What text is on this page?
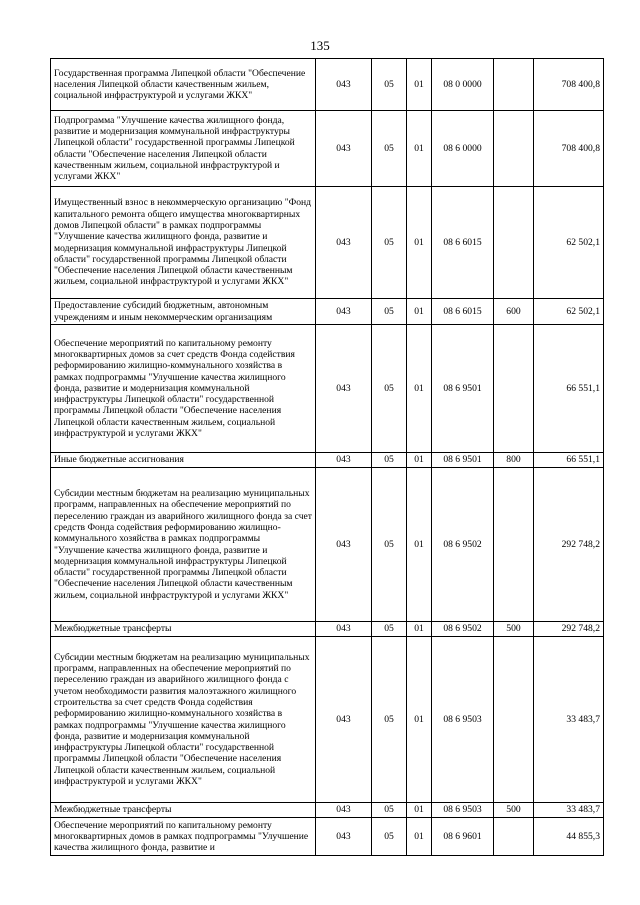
135
Государственная программа Липецкой области "Обеспечение населения Липецкой области качественным жильем, социальной инфраструктурой и услугами ЖКХ"	043	05	01	08 0 0000		708 400,8
Подпрограмма "Улучшение качества жилищного фонда, развитие и модернизация коммунальной инфраструктуры Липецкой области" государственной программы Липецкой области "Обеспечение населения Липецкой области качественным жильем, социальной инфраструктурой и услугами ЖКХ"	043	05	01	08 6 0000		708 400,8
Имущественный взнос в некоммерческую организацию "Фонд капитального ремонта общего имущества многоквартирных домов Липецкой области" в рамках подпрограммы "Улучшение качества жилищного фонда, развитие и модернизация коммунальной инфраструктуры Липецкой области" государственной программы Липецкой области "Обеспечение населения Липецкой области качественным жильем, социальной инфраструктурой и услугами ЖКХ"	043	05	01	08 6 6015		62 502,1
Предоставление субсидий бюджетным, автономным учреждениям и иным некоммерческим организациям	043	05	01	08 6 6015	600	62 502,1
Обеспечение мероприятий по капитальному ремонту многоквартирных домов за счет средств Фонда содействия реформированию жилищно-коммунального хозяйства в рамках подпрограммы "Улучшение качества жилищного фонда, развитие и модернизация коммунальной инфраструктуры Липецкой области" государственной программы Липецкой области "Обеспечение населения Липецкой области качественным жильем, социальной инфраструктурой и услугами ЖКХ"	043	05	01	08 6 9501		66 551,1
Иные бюджетные ассигнования	043	05	01	08 6 9501	800	66 551,1
Субсидии местным бюджетам на реализацию муниципальных программ, направленных на обеспечение мероприятий по переселению граждан из аварийного жилищного фонда за счет средств Фонда содействия реформированию жилищно-коммунального хозяйства в рамках подпрограммы "Улучшение качества жилищного фонда, развитие и модернизация коммунальной инфраструктуры Липецкой области" государственной программы Липецкой области "Обеспечение населения Липецкой области качественным жильем, социальной инфраструктурой и услугами ЖКХ"	043	05	01	08 6 9502		292 748,2
Межбюджетные трансферты	043	05	01	08 6 9502	500	292 748,2
Субсидии местным бюджетам на реализацию муниципальных программ, направленных на обеспечение мероприятий по переселению граждан из аварийного жилищного фонда с учетом необходимости развития малоэтажного жилищного строительства за счет средств Фонда содействия реформированию жилищно-коммунального хозяйства в рамках подпрограммы "Улучшение качества жилищного фонда, развитие и модернизация коммунальной инфраструктуры Липецкой области" государственной программы Липецкой области "Обеспечение населения Липецкой области качественным жильем, социальной инфраструктурой и услугами ЖКХ"	043	05	01	08 6 9503		33 483,7
Межбюджетные трансферты	043	05	01	08 6 9503	500	33 483,7
Обеспечение мероприятий по капитальному ремонту многоквартирных домов в рамках подпрограммы "Улучшение качества жилищного фонда, развитие и	043	05	01	08 6 9601		44 855,3
